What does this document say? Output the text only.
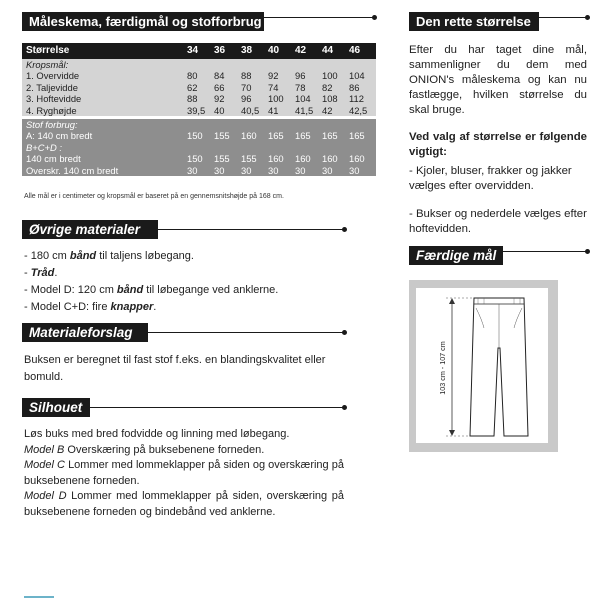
Måleskema, færdigmål og stofforbrug
Størrelse	34	36	38	40	42	44	46
Kropsmål:							
1. Overvidde	80	84	88	92	96	100	104
2. Taljevidde	62	66	70	74	78	82	86
3. Hoftevidde	88	92	96	100	104	108	112
4. Ryghøjde	39,5	40	40,5	41	41,5	42	42,5

Stof forbrug:							
A: 140 cm bredt	150	155	160	165	165	165	165
B+C+D :							
140 cm bredt	150	155	155	160	160	160	160
Overskr. 140 cm bredt	30	30	30	30	30	30	30
Alle mål er i centimeter og kropsmål er baseret på en gennemsnitshøjde på 168 cm.
Øvrige materialer

- 180 cm bånd til taljens løbegang.

- Tråd.

- Model D: 120 cm bånd til løbegange ved anklerne.

- Model C+D: fire knapper.

Materialeforslag
Buksen er beregnet til fast stof f.eks. en blandingskvalitet eller bomuld.
Silhouet

Løs buks med bred fodvidde og linning med løbegang.

Model B Overskæring på buksebenene forneden.

Model C Lommer med lommeklapper på siden og overskæring på buksebenene forneden.

Model D Lommer med lommeklapper på siden, overskæring på buksebenene forneden og bindebånd ved anklerne.

Den rette størrelse

Efter du har taget dine mål, sammenligner du dem med ONION's måleskema og kan nu fastlægge, hvilken størrelse du skal bruge.

Ved valg af størrelse er følgende vigtigt:

- Kjoler, bluser, frakker og jakker vælges efter overvidden.

- Bukser og nederdele vælges efter hoftevidden.

Færdige mål
103 cm - 107 cm
